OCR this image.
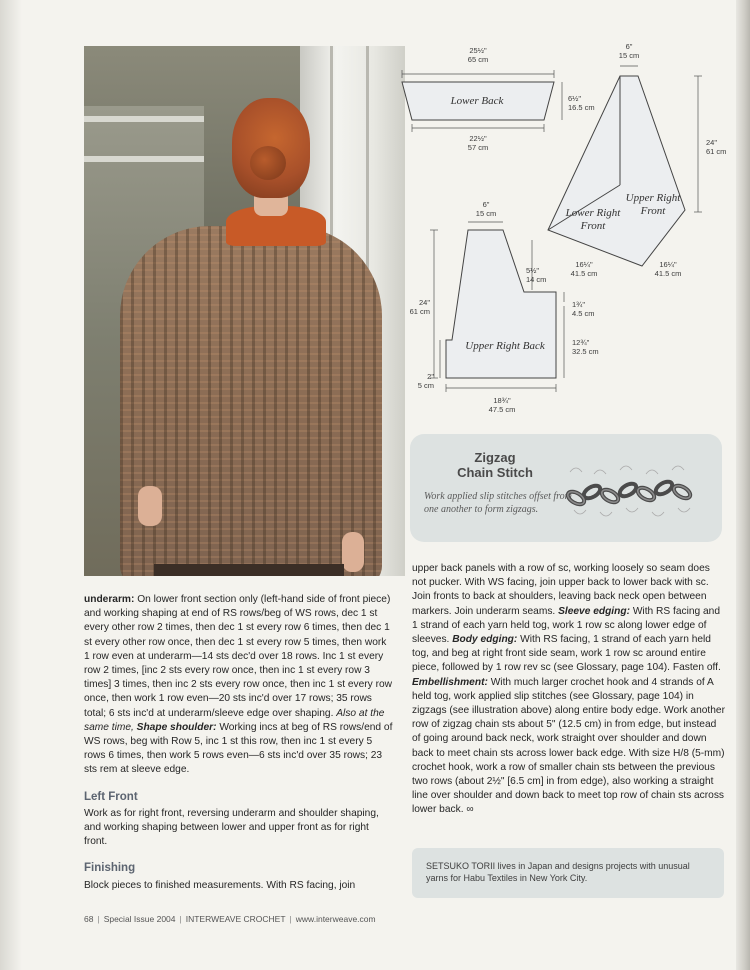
25½"
65 cm
Lower Back
22½"
57 cm
6½"
16.5 cm
6"
15 cm
24"
61 cm
Lower Right
Front
Upper Right
Front
16¼"
41.5 cm
16¼"
41.5 cm
6"
15 cm
5½"
14 cm
24"
61 cm
1¾"
4.5 cm
12¾"
32.5 cm
Upper Right Back
2"
5 cm
18¾"
47.5 cm
Zigzag
Chain Stitch
Work applied slip stitches offset from one another to form zigzags.

underarm: On lower front section only (left-hand side of front piece) and working shaping at end of RS rows/beg of WS rows, dec 1 st every other row 2 times, then dec 1 st every row 6 times, then dec 1 st every other row once, then dec 1 st every row 5 times, then work 1 row even at underarm—14 sts dec'd over 18 rows. Inc 1 st every row 2 times, [inc 2 sts every row once, then inc 1 st every row 3 times] 3 times, then inc 2 sts every row once, then inc 1 st every row once, then work 1 row even—20 sts inc'd over 17 rows; 35 rows total; 6 sts inc'd at underarm/sleeve edge over shaping. Also at the same time, Shape shoulder: Working incs at beg of RS rows/end of WS rows, beg with Row 5, inc 1 st this row, then inc 1 st every 5 rows 6 times, then work 5 rows even—6 sts inc'd over 35 rows; 23 sts rem at sleeve edge.

Left Front

Work as for right front, reversing underarm and shoulder shaping, and working shaping between lower and upper front as for right front.

Finishing

Block pieces to finished measurements. With RS facing, join

upper back panels with a row of sc, working loosely so seam does not pucker. With WS facing, join upper back to lower back with sc. Join fronts to back at shoulders, leaving back neck open between markers. Join underarm seams. Sleeve edging: With RS facing and 1 strand of each yarn held tog, work 1 row sc along lower edge of sleeves. Body edging: With RS facing, 1 strand of each yarn held tog, and beg at right front side seam, work 1 row sc around entire piece, followed by 1 row rev sc (see Glossary, page 104). Fasten off. Embellishment: With much larger crochet hook and 4 strands of A held tog, work applied slip stitches (see Glossary, page 104) in zigzags (see illustration above) along entire body edge. Work another row of zigzag chain sts about 5" (12.5 cm) in from edge, but instead of going around back neck, work straight over shoulder and down back to meet chain sts across lower back edge. With size H/8 (5-mm) crochet hook, work a row of smaller chain sts between the previous two rows (about 2½" [6.5 cm] in from edge), also working a straight line over shoulder and down back to meet top row of chain sts across lower back. ∞

SETSUKO TORII lives in Japan and designs projects with unusual yarns for Habu Textiles in New York City.
68 | Special Issue 2004 | INTERWEAVE CROCHET | www.interweave.com
